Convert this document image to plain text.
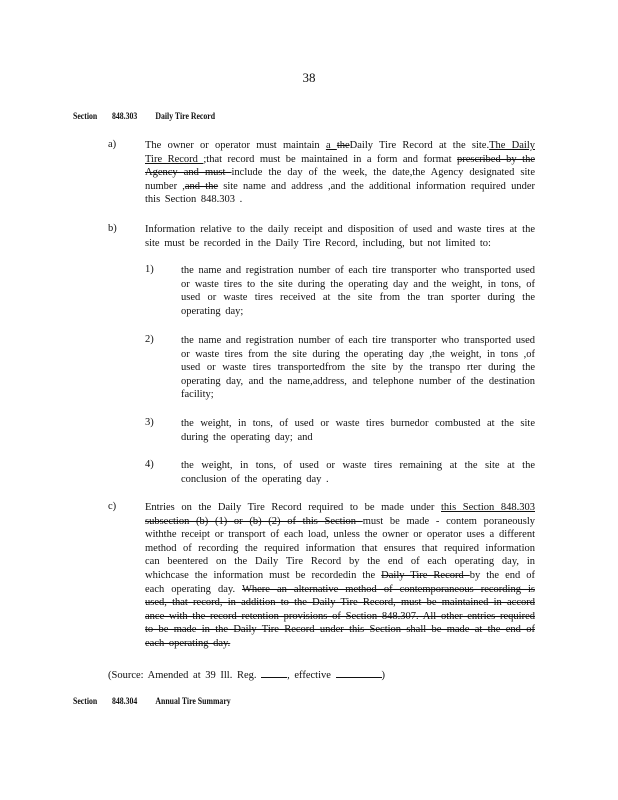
38
Section 848.303 Daily Tire Record
a)	The owner or operator must maintain a theDaily Tire Record at the site.The Daily Tire Record ;that record must be maintained in a form and format prescribed by the Agency and must include the day of the week, the date,the Agency designated site number ,and the site name and address ,and the additional information required under this Section 848.303 .
b)	Information relative to the daily receipt and disposition of used and waste tires at the site must be recorded in the Daily Tire Record, including, but not limited to:
1)	the name and registration number of each tire transporter who transported used or waste tires to the site during the operating day and the weight, in tons, of used or waste tires received at the site from the tran sporter during the operating day;
2)	the name and registration number of each tire transporter who transported used or waste tires from the site during the operating day ,the weight, in tons ,of used or waste tires transportedfrom the site by the transpo rter during the operating day, and the name,address, and telephone number of the destination facility;
3)	the weight, in tons, of used or waste tires burnedor combusted at the site during the operating day; and
4)	the weight, in tons, of used or waste tires remaining at the site at the conclusion of the operating day .
c)	Entries on the Daily Tire Record required to be made under this Section 848.303 subsection (b) (1) or (b) (2) of this Section must be made - contem poraneously withthe receipt or transport of each load, unless the owner or operator uses a different method of recording the required information that ensures that required information can beentered on the Daily Tire Record by the end of each operating day, in whichcase the information must be recordedin the Daily Tire Record by the end of each operating day. Where an alternative method of contemporaneous recording is used, that record, in addition to the Daily Tire Record, must be maintained in accord ance with the record retention provisions of Section 848.307. All other entries required to be made in the Daily Tire Record under this Section shall be made at the end of each operating day.
(Source: Amended at 39 Ill. Reg. , effective	)
Section 848.304 Annual Tire Summary
